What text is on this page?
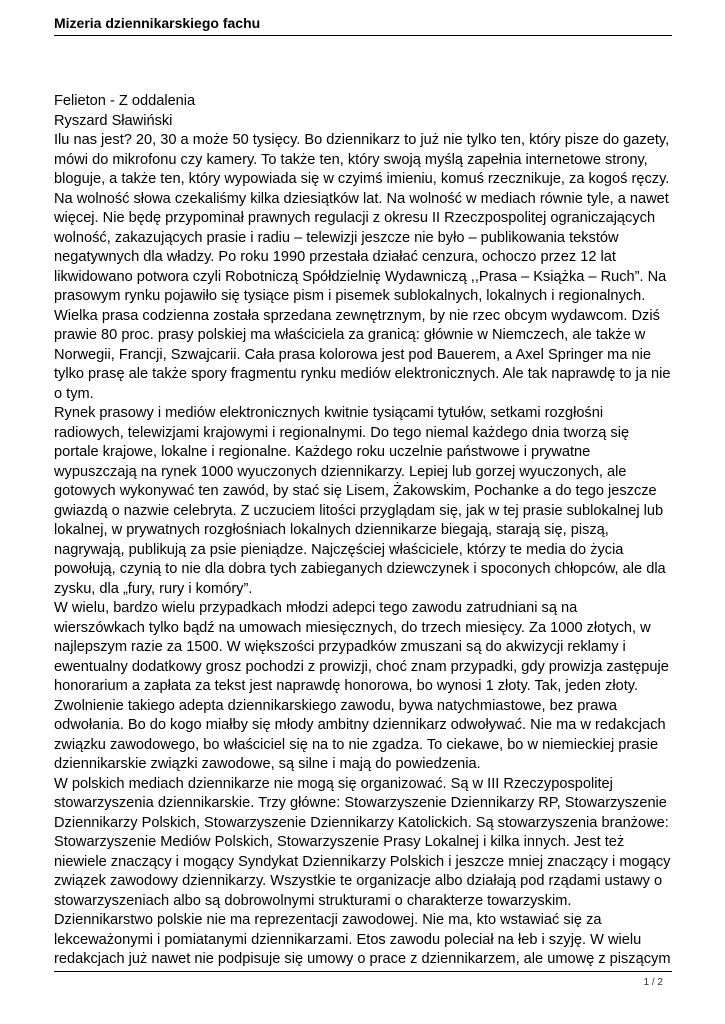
Mizeria dziennikarskiego fachu

Felieton - Z oddalenia

Ryszard Sławiński

Ilu nas jest? 20, 30 a może 50 tysięcy. Bo dziennikarz to już nie tylko ten, który pisze do gazety, mówi do mikrofonu czy kamery. To także ten, który swoją myślą zapełnia internetowe strony, bloguje, a także ten, który wypowiada się w czyimś imieniu, komuś rzecznikuje, za kogoś ręczy.

Na wolność słowa czekaliśmy kilka dziesiątków lat. Na wolność w mediach równie tyle, a nawet więcej. Nie będę przypominał prawnych regulacji z okresu II Rzeczpospolitej ograniczających wolność, zakazujących prasie i radiu – telewizji jeszcze nie było – publikowania tekstów negatywnych dla władzy. Po roku 1990 przestała działać cenzura, ochoczo przez 12 lat likwidowano potwora czyli Robotniczą Spółdzielnię Wydawniczą ,,Prasa – Książka – Ruch”. Na prasowym rynku pojawiło się tysiące pism i pisemek sublokalnych, lokalnych i regionalnych. Wielka prasa codzienna została sprzedana zewnętrznym, by nie rzec obcym wydawcom. Dziś prawie 80 proc. prasy polskiej ma właściciela za granicą: głównie w Niemczech, ale także w Norwegii, Francji, Szwajcarii. Cała prasa kolorowa jest pod Bauerem, a Axel Springer ma nie tylko prasę ale także spory fragmentu rynku mediów elektronicznych. Ale tak naprawdę to ja nie o tym.

Rynek prasowy i mediów elektronicznych kwitnie tysiącami tytułów, setkami rozgłośni radiowych, telewizjami krajowymi i regionalnymi. Do tego niemal każdego dnia tworzą się portale krajowe, lokalne i regionalne. Każdego roku uczelnie państwowe i prywatne wypuszczają na rynek 1000 wyuczonych dziennikarzy. Lepiej lub gorzej wyuczonych, ale gotowych wykonywać ten zawód, by stać się Lisem, Żakowskim, Pochanke a do tego jeszcze gwiazdą o nazwie celebryta. Z uczuciem litości przyglądam się, jak w tej prasie sublokalnej lub lokalnej, w prywatnych rozgłośniach lokalnych dziennikarze biegają, starają się, piszą, nagrywają, publikują za psie pieniądze. Najczęściej właściciele, którzy te media do życia powołują, czynią to nie dla dobra tych zabieganych dziewczynek i spoconych chłopców, ale dla zysku, dla „fury, rury i komóry”.

W wielu, bardzo wielu przypadkach młodzi adepci tego zawodu zatrudniani są na wierszówkach tylko bądź na umowach miesięcznych, do trzech miesięcy. Za 1000 złotych, w najlepszym razie za 1500. W większości przypadków zmuszani są do akwizycji reklamy i ewentualny dodatkowy grosz pochodzi z prowizji, choć znam przypadki, gdy prowizja zastępuje honorarium a zapłata za tekst jest naprawdę honorowa, bo wynosi 1 złoty. Tak, jeden złoty. Zwolnienie takiego adepta dziennikarskiego zawodu, bywa natychmiastowe, bez prawa odwołania. Bo do kogo miałby się młody ambitny dziennikarz odwoływać. Nie ma w redakcjach związku zawodowego, bo właściciel się na to nie zgadza. To ciekawe, bo w niemieckiej prasie dziennikarskie związki zawodowe, są silne i mają do powiedzenia.

W polskich mediach dziennikarze nie mogą się organizować. Są w III Rzeczypospolitej stowarzyszenia dziennikarskie. Trzy główne: Stowarzyszenie Dziennikarzy RP, Stowarzyszenie Dziennikarzy Polskich, Stowarzyszenie Dziennikarzy Katolickich. Są stowarzyszenia branżowe: Stowarzyszenie Mediów Polskich, Stowarzyszenie Prasy Lokalnej i kilka innych. Jest też niewiele znaczący i mogący Syndykat Dziennikarzy Polskich i jeszcze mniej znaczący i mogący związek zawodowy dziennikarzy. Wszystkie te organizacje albo działają pod rządami ustawy o stowarzyszeniach albo są dobrowolnymi strukturami o charakterze towarzyskim.

Dziennikarstwo polskie nie ma reprezentacji zawodowej. Nie ma, kto wstawiać się za lekceważonymi i pomiatanymi dziennikarzami. Etos zawodu poleciał na łeb i szyję. W wielu redakcjach już nawet nie podpisuje się umowy o prace z dziennikarzem, ale umowę z piszącym

1 / 2
